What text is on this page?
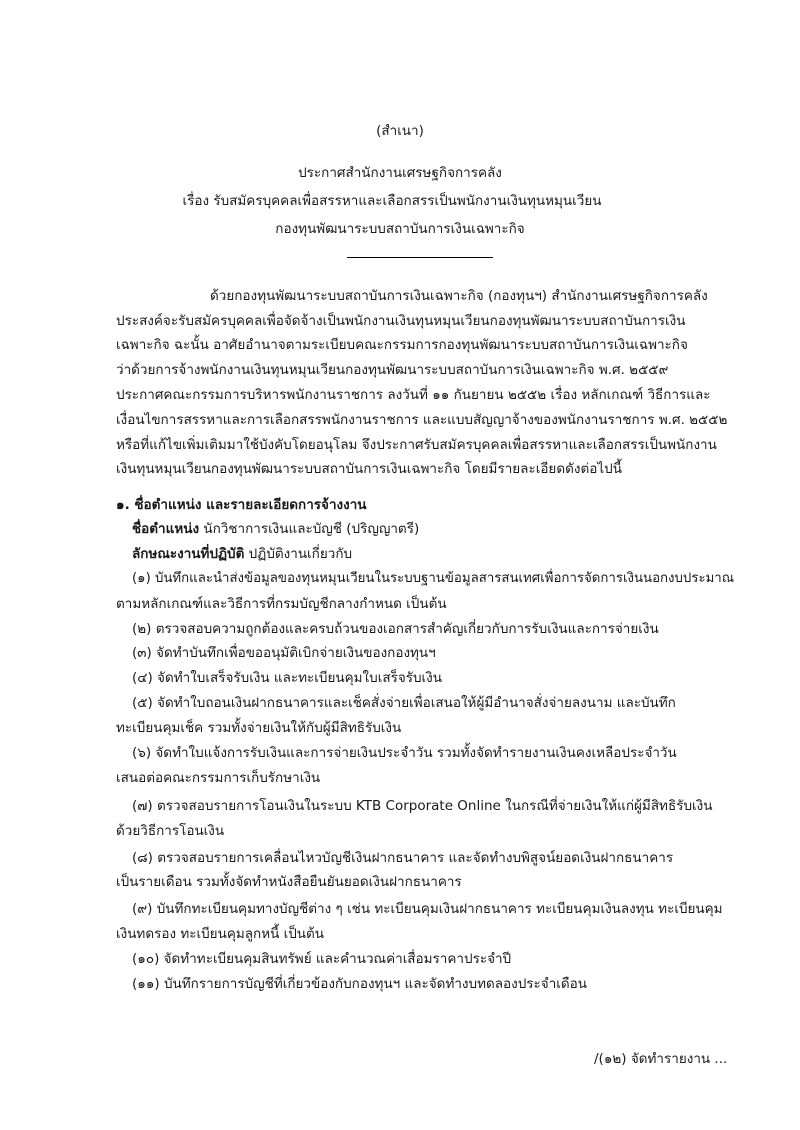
(สำเนา)
ประกาศสำนักงานเศรษฐกิจการคลัง
เรื่อง รับสมัครบุคคลเพื่อสรรหาและเลือกสรรเป็นพนักงานเงินทุนหมุนเวียน
กองทุนพัฒนาระบบสถาบันการเงินเฉพาะกิจ
ด้วยกองทุนพัฒนาระบบสถาบันการเงินเฉพาะกิจ (กองทุนฯ) สำนักงานเศรษฐกิจการคลัง
ประสงค์จะรับสมัครบุคคลเพื่อจัดจ้างเป็นพนักงานเงินทุนหมุนเวียนกองทุนพัฒนาระบบสถาบันการเงิน
เฉพาะกิจ ฉะนั้น อาศัยอำนาจตามระเบียบคณะกรรมการกองทุนพัฒนาระบบสถาบันการเงินเฉพาะกิจ
ว่าด้วยการจ้างพนักงานเงินทุนหมุนเวียนกองทุนพัฒนาระบบสถาบันการเงินเฉพาะกิจ พ.ศ. ๒๕๕๙
ประกาศคณะกรรมการบริหารพนักงานราชการ ลงวันที่ ๑๑ กันยายน ๒๕๕๒ เรื่อง หลักเกณฑ์ วิธีการและ
เงื่อนไขการสรรหาและการเลือกสรรพนักงานราชการ และแบบสัญญาจ้างของพนักงานราชการ พ.ศ. ๒๕๕๒
หรือที่แก้ไขเพิ่มเติมมาใช้บังคับโดยอนุโลม จึงประกาศรับสมัครบุคคลเพื่อสรรหาและเลือกสรรเป็นพนักงาน
เงินทุนหมุนเวียนกองทุนพัฒนาระบบสถาบันการเงินเฉพาะกิจ โดยมีรายละเอียดดังต่อไปนี้
๑. ชื่อตำแหน่ง และรายละเอียดการจ้างงาน
ชื่อตำแหน่ง นักวิชาการเงินและบัญชี (ปริญญาตรี)
ลักษณะงานที่ปฏิบัติ ปฏิบัติงานเกี่ยวกับ
(๑) บันทึกและนำส่งข้อมูลของทุนหมุนเวียนในระบบฐานข้อมูลสารสนเทศเพื่อการจัดการเงินนอกงบประมาณ
ตามหลักเกณฑ์และวิธีการที่กรมบัญชีกลางกำหนด เป็นต้น
(๒) ตรวจสอบความถูกต้องและครบถ้วนของเอกสารสำคัญเกี่ยวกับการรับเงินและการจ่ายเงิน
(๓) จัดทำบันทึกเพื่อขออนุมัติเบิกจ่ายเงินของกองทุนฯ
(๔) จัดทำใบเสร็จรับเงิน และทะเบียนคุมใบเสร็จรับเงิน
(๕) จัดทำใบถอนเงินฝากธนาคารและเช็คสั่งจ่ายเพื่อเสนอให้ผู้มีอำนาจสั่งจ่ายลงนาม และบันทึก
ทะเบียนคุมเช็ค รวมทั้งจ่ายเงินให้กับผู้มีสิทธิรับเงิน
(๖) จัดทำใบแจ้งการรับเงินและการจ่ายเงินประจำวัน รวมทั้งจัดทำรายงานเงินคงเหลือประจำวัน
เสนอต่อคณะกรรมการเก็บรักษาเงิน
(๗) ตรวจสอบรายการโอนเงินในระบบ KTB Corporate Online ในกรณีที่จ่ายเงินให้แก่ผู้มีสิทธิรับเงิน
ด้วยวิธีการโอนเงิน
(๘) ตรวจสอบรายการเคลื่อนไหวบัญชีเงินฝากธนาคาร และจัดทำงบพิสูจน์ยอดเงินฝากธนาคาร
เป็นรายเดือน รวมทั้งจัดทำหนังสือยืนยันยอดเงินฝากธนาคาร
(๙) บันทึกทะเบียนคุมทางบัญชีต่าง ๆ เช่น ทะเบียนคุมเงินฝากธนาคาร ทะเบียนคุมเงินลงทุน ทะเบียนคุม
เงินทดรอง ทะเบียนคุมลูกหนี้ เป็นต้น
(๑๐) จัดทำทะเบียนคุมสินทรัพย์ และคำนวณค่าเสื่อมราคาประจำปี
(๑๑) บันทึกรายการบัญชีที่เกี่ยวข้องกับกองทุนฯ และจัดทำงบทดลองประจำเดือน
/(๑๒) จัดทำรายงาน ...
